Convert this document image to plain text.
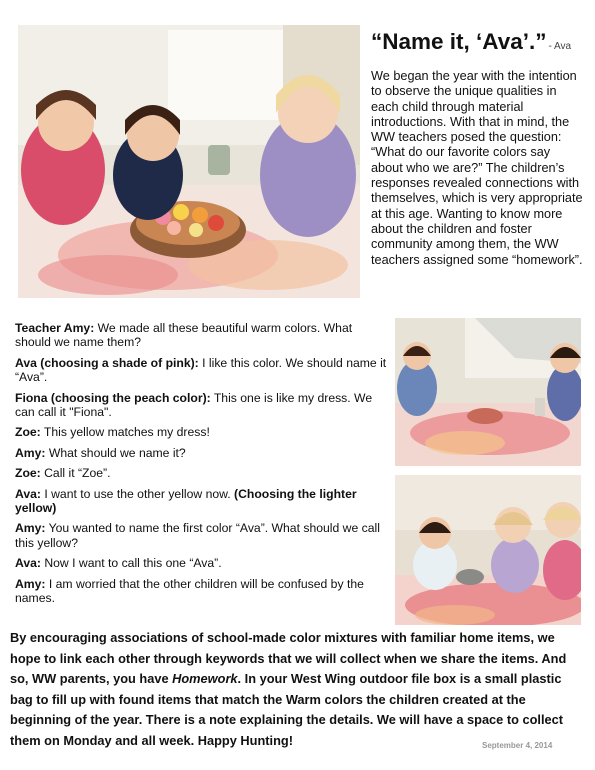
“Name it, ‘Ava’.” - Ava
We began the year with the intention to observe the unique qualities in each child through material introductions. With that in mind, the WW teachers posed the question: “What do our favorite colors say about who we are?” The children’s responses revealed connections with themselves, which is very appropriate at this age. Wanting to know more about the children and foster community among them, the WW teachers assigned some “homework”.
Teacher Amy: We made all these beautiful warm colors. What should we name them?
Ava (choosing a shade of pink): I like this color. We should name it “Ava”.
Fiona (choosing the peach color): This one is like my dress. We can call it "Fiona".
Zoe: This yellow matches my dress!
Amy: What should we name it?
Zoe: Call it “Zoe”.
Ava: I want to use the other yellow now. (Choosing the lighter yellow)
Amy: You wanted to name the first color “Ava”. What should we call this yellow?
Ava: Now I want to call this one “Ava”.
Amy: I am worried that the other children will be confused by the names.
By encouraging associations of school-made color mixtures with familiar home items, we hope to link each other through keywords that we will collect when we share the items. And so, WW parents, you have Homework. In your West Wing outdoor file box is a small plastic bag to fill up with found items that match the Warm colors the children created at the beginning of the year. There is a note explaining the details. We will have a space to collect them on Monday and all week. Happy Hunting!	September 4, 2014
